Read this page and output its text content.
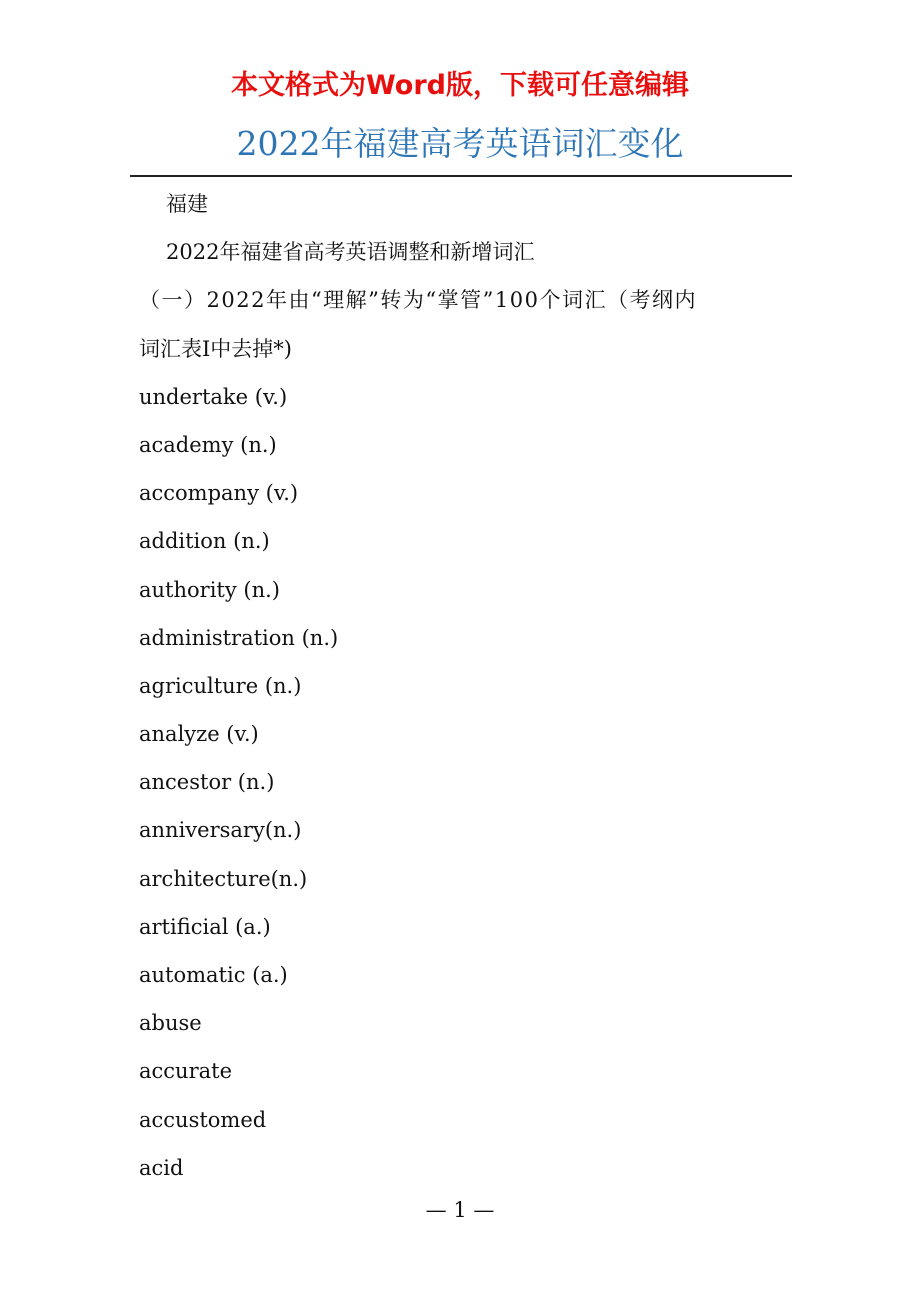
本文格式为Word版，下载可任意编辑
2022年福建高考英语词汇变化
福建
2022年福建省高考英语调整和新增词汇
（一）2022年由“理解”转为“掌管”100个词汇（考纲内
词汇表I中去掉*)
undertake (v.)
academy (n.)
accompany (v.)
addition (n.)
authority (n.)
administration (n.)
agriculture (n.)
analyze (v.)
ancestor (n.)
anniversary(n.)
architecture(n.)
artificial (a.)
automatic (a.)
abuse
accurate
accustomed
acid
— 1 —
